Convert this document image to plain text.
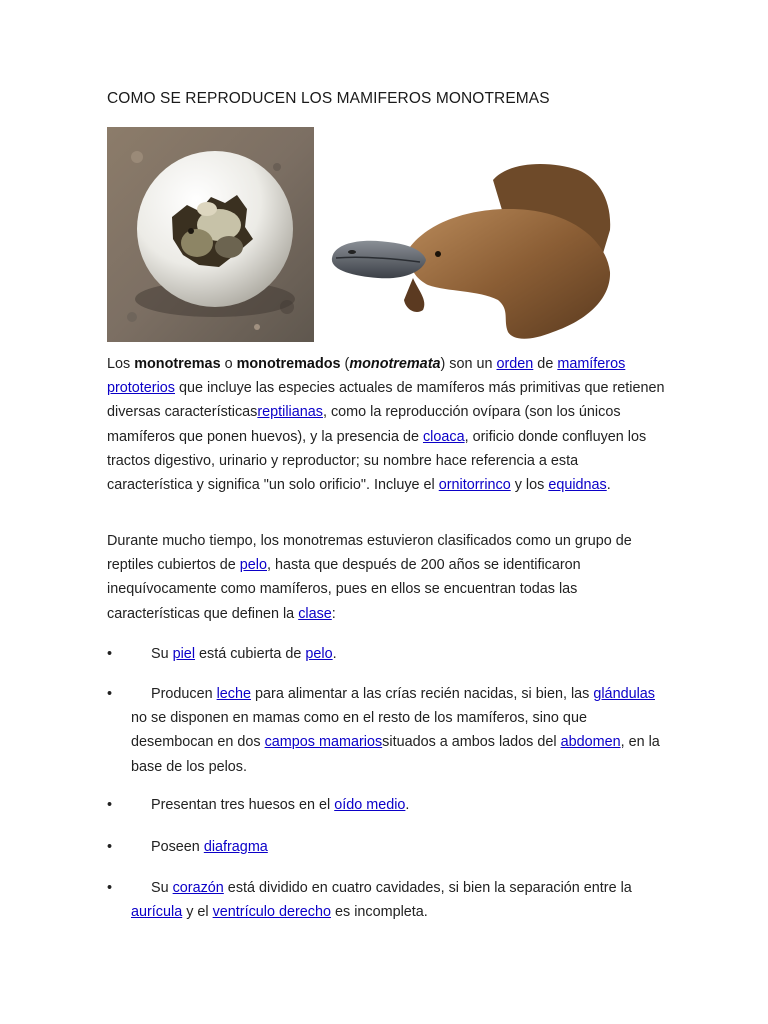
COMO SE REPRODUCEN LOS MAMIFEROS MONOTREMAS
Los monotremas o monotremados (monotremata) son un orden de mamíferos prototerios que incluye las especies actuales de mamíferos más primitivas que retienen diversas característicasreptilianas, como la reproducción ovípara (son los únicos mamíferos que ponen huevos), y la presencia de cloaca, orificio donde confluyen los tractos digestivo, urinario y reproductor; su nombre hace referencia a esta característica y significa "un solo orificio". Incluye el ornitorrinco y los equidnas.
Durante mucho tiempo, los monotremas estuvieron clasificados como un grupo de reptiles cubiertos de pelo, hasta que después de 200 años se identificaron inequívocamente como mamíferos, pues en ellos se encuentran todas las características que definen la clase:
•	Su piel está cubierta de pelo.
•	Producen leche para alimentar a las crías recién nacidas, si bien, las glándulas no se disponen en mamas como en el resto de los mamíferos, sino que desembocan en dos campos mamariossituados a ambos lados del abdomen, en la base de los pelos.
•	Presentan tres huesos en el oído medio.
•	Poseen diafragma
•	Su corazón está dividido en cuatro cavidades, si bien la separación entre la aurícula y el ventrículo derecho es incompleta.
